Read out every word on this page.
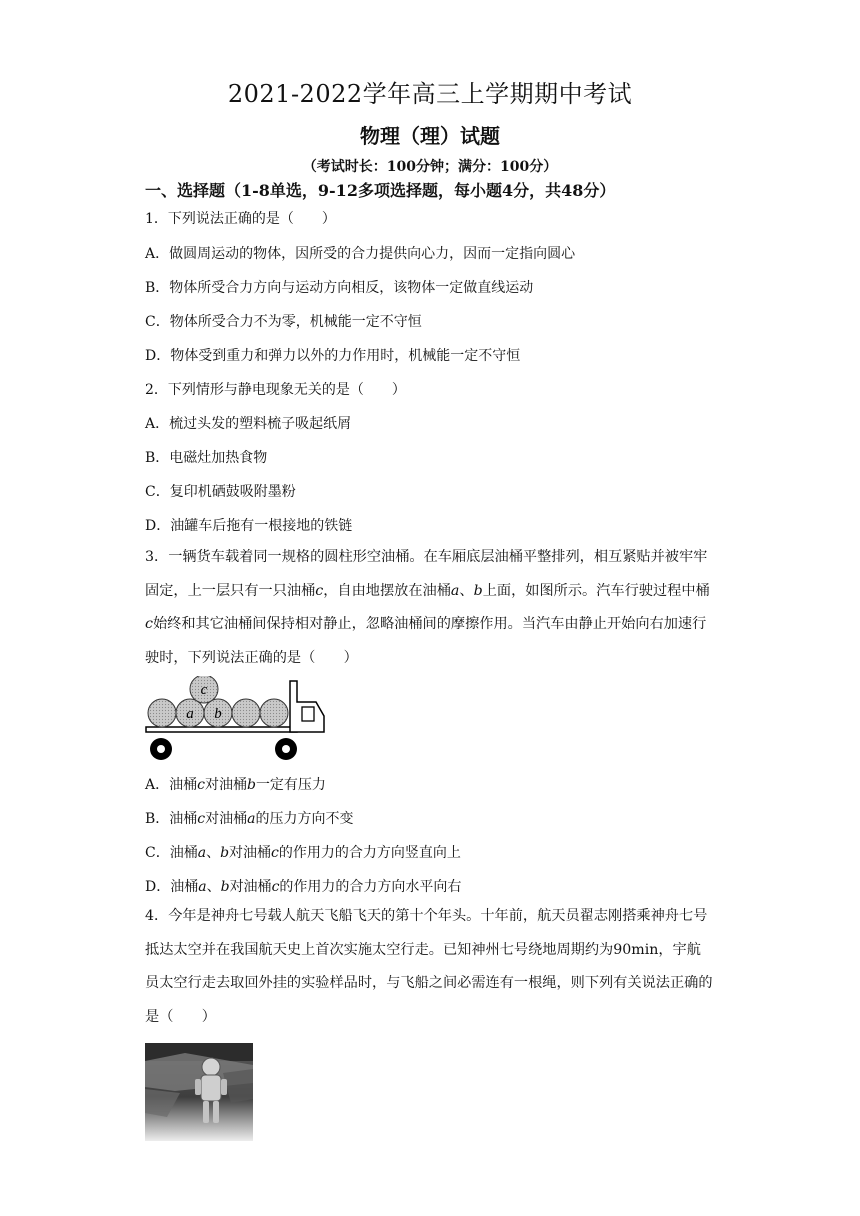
2021-2022学年高三上学期期中考试
物理（理）试题
（考试时长：100分钟；满分：100分）
一、选择题（1-8单选，9-12多项选择题，每小题4分，共48分）
1．下列说法正确的是（　　）
A．做圆周运动的物体，因所受的合力提供向心力，因而一定指向圆心
B．物体所受合力方向与运动方向相反，该物体一定做直线运动
C．物体所受合力不为零，机械能一定不守恒
D．物体受到重力和弹力以外的力作用时，机械能一定不守恒
2．下列情形与静电现象无关的是（　　）
A．梳过头发的塑料梳子吸起纸屑
B．电磁灶加热食物
C．复印机硒鼓吸附墨粉
D．油罐车后拖有一根接地的铁链
3．一辆货车载着同一规格的圆柱形空油桶。在车厢底层油桶平整排列，相互紧贴并被牢牢固定，上一层只有一只油桶c，自由地摆放在油桶a、b上面，如图所示。汽车行驶过程中桶c始终和其它油桶间保持相对静止，忽略油桶间的摩擦作用。当汽车由静止开始向右加速行驶时，下列说法正确的是（　　）
c
a b
A．油桶c对油桶b一定有压力
B．油桶c对油桶a的压力方向不变
C．油桶a、b对油桶c的作用力的合力方向竖直向上
D．油桶a、b对油桶c的作用力的合力方向水平向右
4．今年是神舟七号载人航天飞船飞天的第十个年头。十年前，航天员翟志刚搭乘神舟七号抵达太空并在我国航天史上首次实施太空行走。已知神州七号绕地周期约为90min，宇航员太空行走去取回外挂的实验样品时，与飞船之间必需连有一根绳，则下列有关说法正确的是（　　）
